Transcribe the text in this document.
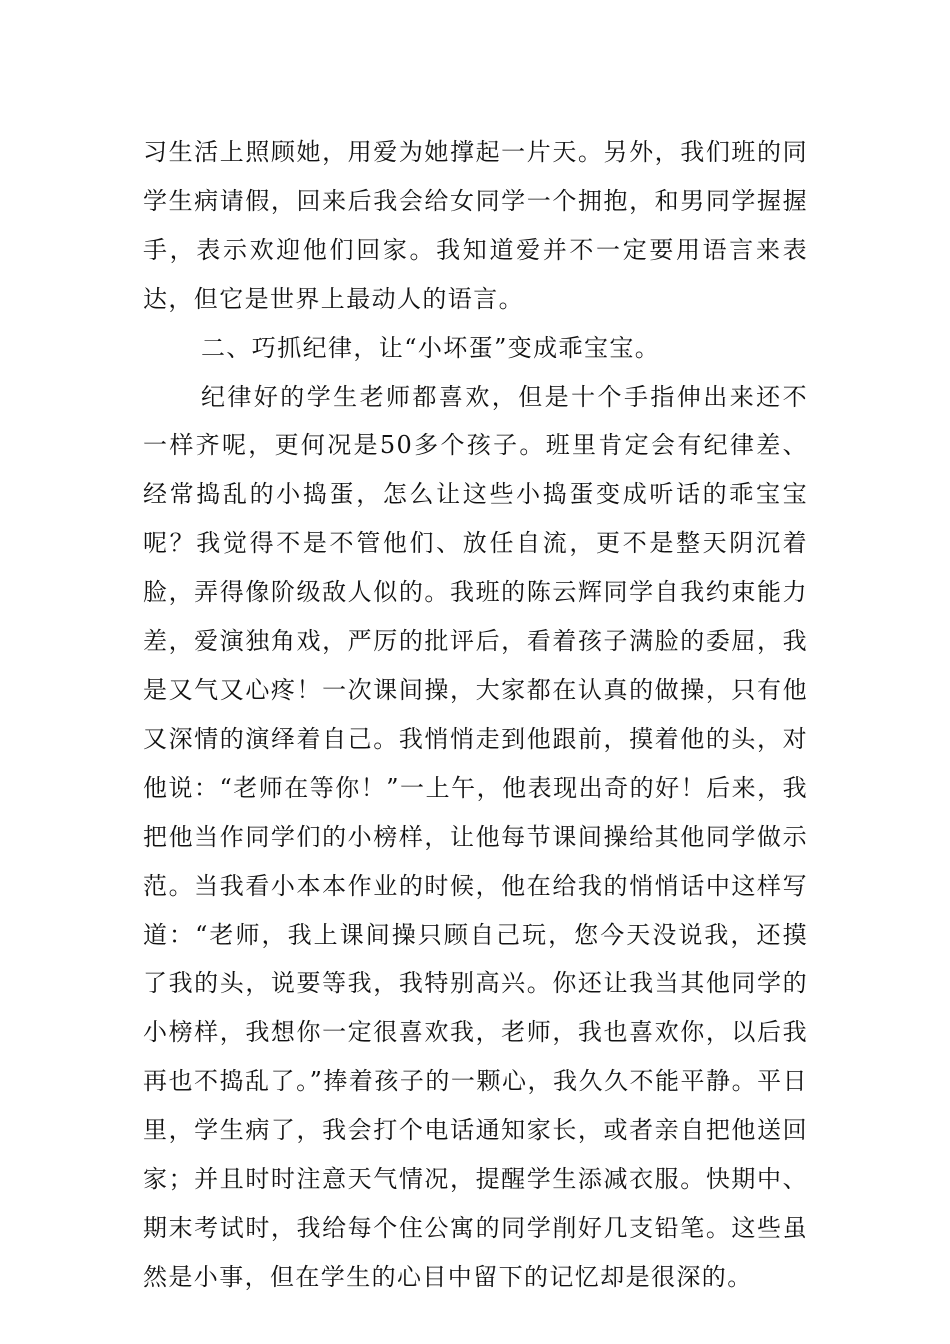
习生活上照顾她，用爱为她撑起一片天。另外，我们班的同学生病请假，回来后我会给女同学一个拥抱，和男同学握握手，表示欢迎他们回家。我知道爱并不一定要用语言来表达，但它是世界上最动人的语言。

二、巧抓纪律，让“小坏蛋”变成乖宝宝。

纪律好的学生老师都喜欢，但是十个手指伸出来还不一样齐呢，更何况是50多个孩子。班里肯定会有纪律差、经常捣乱的小捣蛋，怎么让这些小捣蛋变成听话的乖宝宝呢？我觉得不是不管他们、放任自流，更不是整天阴沉着脸，弄得像阶级敌人似的。我班的陈云辉同学自我约束能力差，爱演独角戏，严厉的批评后，看着孩子满脸的委屈，我是又气又心疼！一次课间操，大家都在认真的做操，只有他又深情的演绎着自己。我悄悄走到他跟前，摸着他的头，对他说：“老师在等你！”一上午，他表现出奇的好！后来，我把他当作同学们的小榜样，让他每节课间操给其他同学做示范。当我看小本本作业的时候，他在给我的悄悄话中这样写道：“老师，我上课间操只顾自己玩，您今天没说我，还摸了我的头，说要等我，我特别高兴。你还让我当其他同学的小榜样，我想你一定很喜欢我，老师，我也喜欢你，以后我再也不捣乱了。”捧着孩子的一颗心，我久久不能平静。平日里，学生病了，我会打个电话通知家长，或者亲自把他送回家；并且时时注意天气情况，提醒学生添减衣服。快期中、期末考试时，我给每个住公寓的同学削好几支铅笔。这些虽然是小事，但在学生的心目中留下的记忆却是很深的。
